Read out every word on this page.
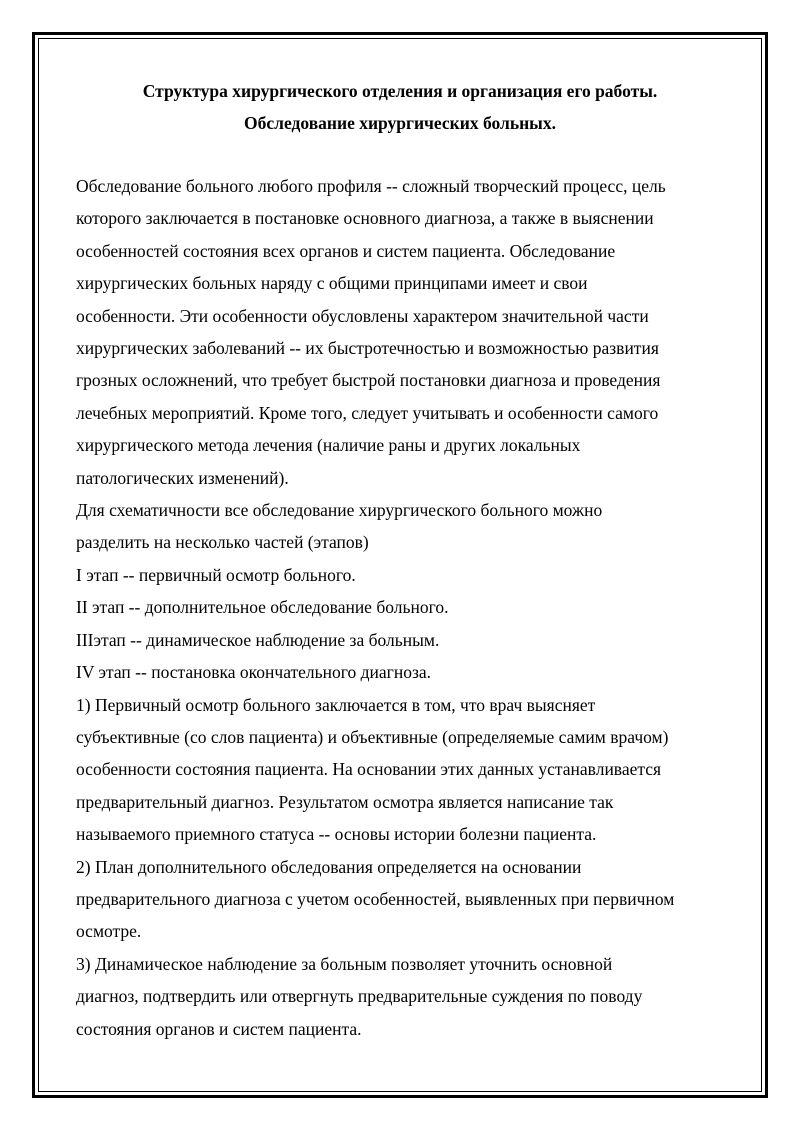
Структура хирургического отделения и организация его работы.
Обследование хирургических больных.
Обследование больного любого профиля -- сложный творческий процесс, цель
которого заключается в постановке основного диагноза, а также в выяснении
особенностей состояния всех органов и систем пациента. Обследование
хирургических больных наряду с общими принципами имеет и свои
особенности. Эти особенности обусловлены характером значительной части
хирургических заболеваний -- их быстротечностью и возможностью развития
грозных осложнений, что требует быстрой постановки диагноза и проведения
лечебных мероприятий. Кроме того, следует учитывать и особенности самого
хирургического метода лечения (наличие раны и других локальных
патологических изменений).
Для схематичности все обследование хирургического больного можно
разделить на несколько частей (этапов)
I этап -- первичный осмотр больного.
II этап -- дополнительное обследование больного.
IIIэтап -- динамическое наблюдение за больным.
IV этап -- постановка окончательного диагноза.
1) Первичный осмотр больного заключается в том, что врач выясняет
субъективные (со слов пациента) и объективные (определяемые самим врачом)
особенности состояния пациента. На основании этих данных устанавливается
предварительный диагноз. Результатом осмотра является написание так
называемого приемного статуса -- основы истории болезни пациента.
2) План дополнительного обследования определяется на основании
предварительного диагноза с учетом особенностей, выявленных при первичном
осмотре.
3) Динамическое наблюдение за больным позволяет уточнить основной
диагноз, подтвердить или отвергнуть предварительные суждения по поводу
состояния органов и систем пациента.
